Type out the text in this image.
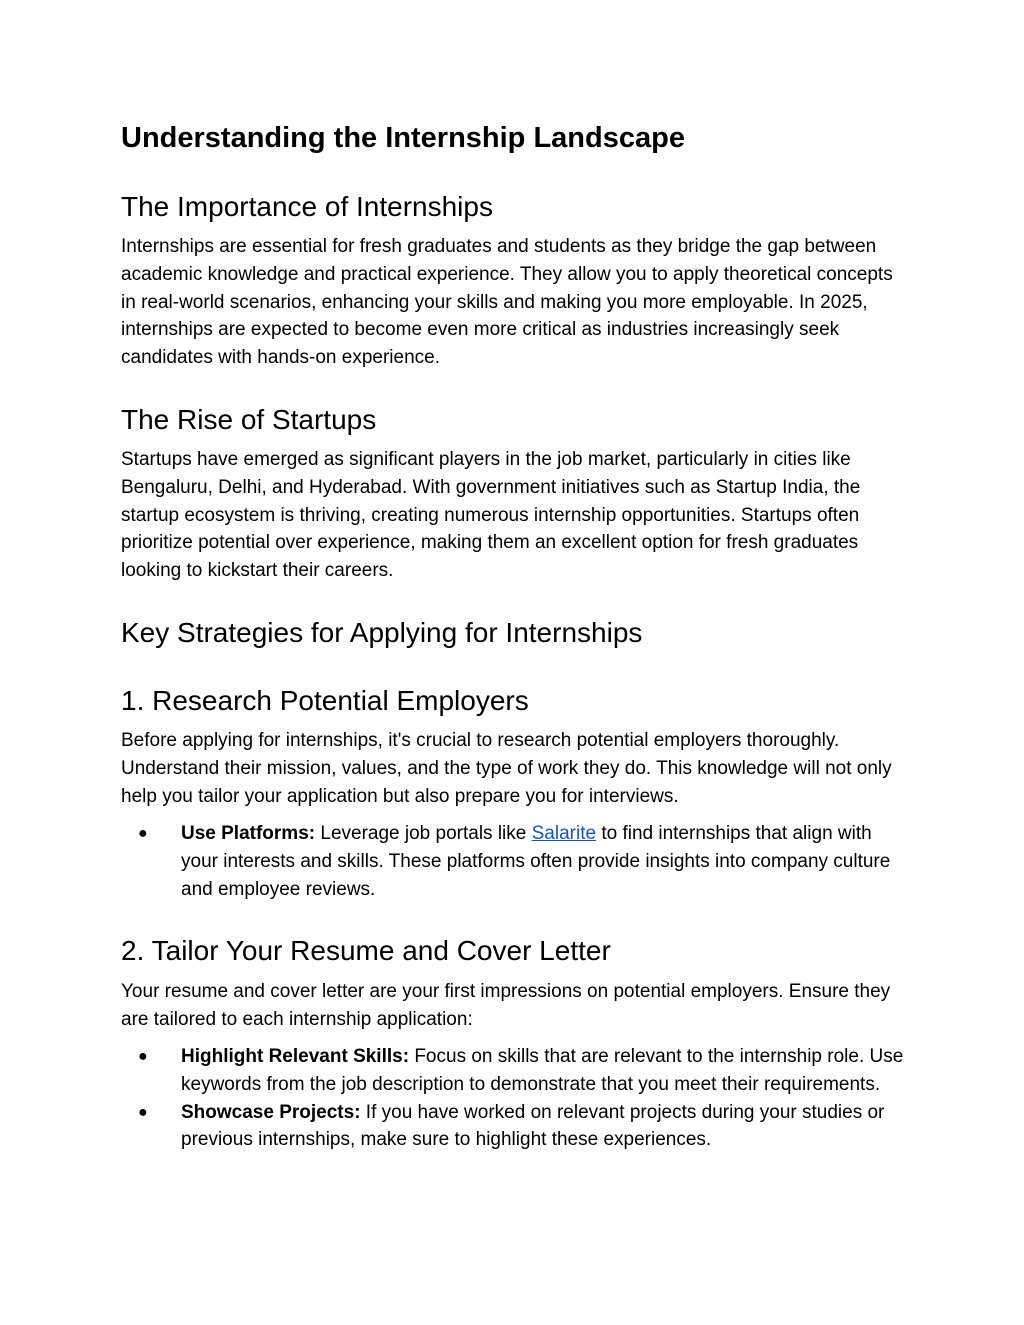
Understanding the Internship Landscape
The Importance of Internships

Internships are essential for fresh graduates and students as they bridge the gap between academic knowledge and practical experience. They allow you to apply theoretical concepts in real-world scenarios, enhancing your skills and making you more employable. In 2025, internships are expected to become even more critical as industries increasingly seek candidates with hands-on experience.

The Rise of Startups

Startups have emerged as significant players in the job market, particularly in cities like Bengaluru, Delhi, and Hyderabad. With government initiatives such as Startup India, the startup ecosystem is thriving, creating numerous internship opportunities. Startups often prioritize potential over experience, making them an excellent option for fresh graduates looking to kickstart their careers.

Key Strategies for Applying for Internships
1. Research Potential Employers

Before applying for internships, it's crucial to research potential employers thoroughly. Understand their mission, values, and the type of work they do. This knowledge will not only help you tailor your application but also prepare you for interviews.

● Use Platforms: Leverage job portals like Salarite to find internships that align with your interests and skills. These platforms often provide insights into company culture and employee reviews.
2. Tailor Your Resume and Cover Letter

Your resume and cover letter are your first impressions on potential employers. Ensure they are tailored to each internship application:

● Highlight Relevant Skills: Focus on skills that are relevant to the internship role. Use keywords from the job description to demonstrate that you meet their requirements.
● Showcase Projects: If you have worked on relevant projects during your studies or previous internships, make sure to highlight these experiences.
